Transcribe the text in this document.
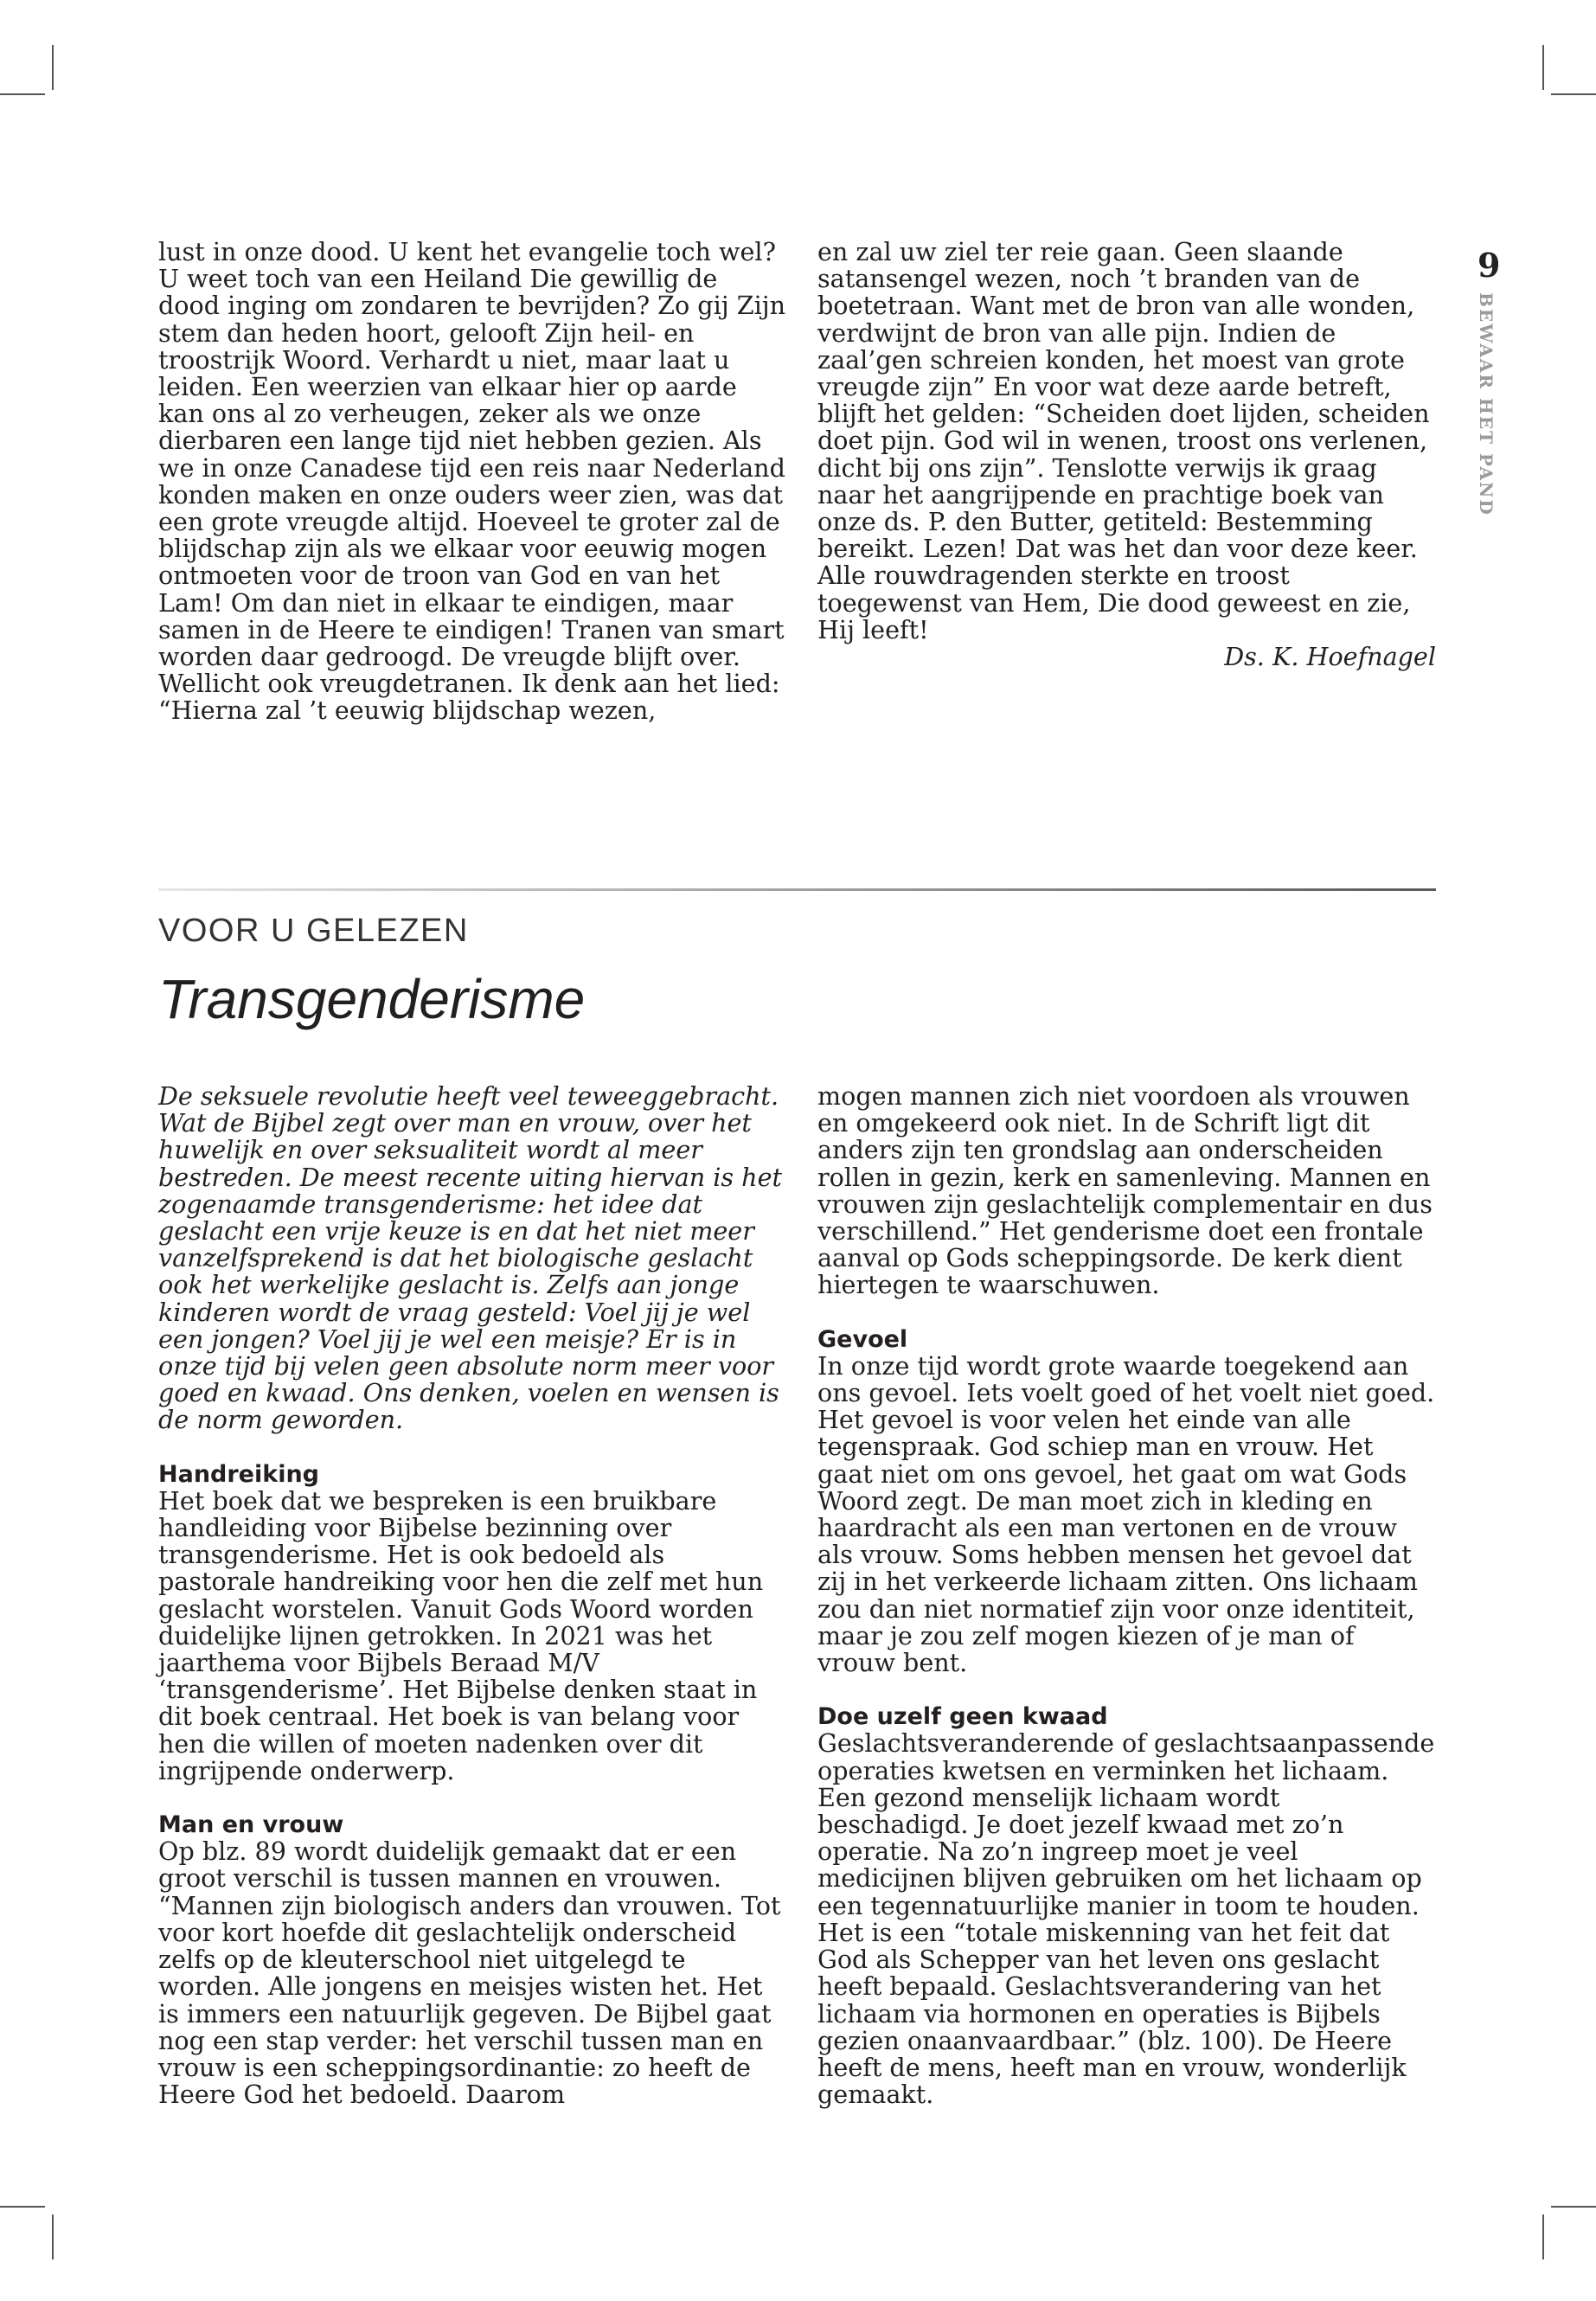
9
BEWAAR HET PAND

lust in onze dood. U kent het evangelie toch wel? U weet toch van een Heiland Die gewillig de dood inging om zondaren te bevrijden? Zo gij Zijn stem dan heden hoort, gelooft Zijn heil- en troostrijk Woord. Verhardt u niet, maar laat u leiden. Een weerzien van elkaar hier op aarde kan ons al zo verheugen, zeker als we onze dierbaren een lange tijd niet hebben gezien. Als we in onze Canadese tijd een reis naar Nederland konden maken en onze ouders weer zien, was dat een grote vreugde altijd. Hoeveel te groter zal de blijdschap zijn als we elkaar voor eeuwig mogen ontmoeten voor de troon van God en van het Lam! Om dan niet in elkaar te eindigen, maar samen in de Heere te eindigen! Tranen van smart worden daar gedroogd. De vreugde blijft over. Wellicht ook vreugdetranen. Ik denk aan het lied: “Hierna zal ’t eeuwig blijdschap wezen,

en zal uw ziel ter reie gaan. Geen slaande satansengel wezen, noch ’t branden van de boetetraan. Want met de bron van alle wonden, verdwijnt de bron van alle pijn. Indien de zaal’gen schreien konden, het moest van grote vreugde zijn” En voor wat deze aarde betreft, blijft het gelden: “Scheiden doet lijden, scheiden doet pijn. God wil in wenen, troost ons verlenen, dicht bij ons zijn”. Tenslotte verwijs ik graag naar het aangrijpende en prachtige boek van onze ds. P. den Butter, getiteld: Bestemming bereikt. Lezen! Dat was het dan voor deze keer. Alle rouwdragenden sterkte en troost toegewenst van Hem, Die dood geweest en zie, Hij leeft!

Ds. K. Hoefnagel

VOOR U GELEZEN
Transgenderisme

De seksuele revolutie heeft veel teweeggebracht. Wat de Bijbel zegt over man en vrouw, over het huwelijk en over seksualiteit wordt al meer bestreden. De meest recente uiting hiervan is het zogenaamde transgenderisme: het idee dat geslacht een vrije keuze is en dat het niet meer vanzelfsprekend is dat het biologische geslacht ook het werkelijke geslacht is. Zelfs aan jonge kinderen wordt de vraag gesteld: Voel jij je wel een jongen? Voel jij je wel een meisje? Er is in onze tijd bij velen geen absolute norm meer voor goed en kwaad. Ons denken, voelen en wensen is de norm geworden.

Handreiking

Het boek dat we bespreken is een bruikbare handleiding voor Bijbelse bezinning over transgenderisme. Het is ook bedoeld als pastorale handreiking voor hen die zelf met hun geslacht worstelen. Vanuit Gods Woord worden duidelijke lijnen getrokken. In 2021 was het jaarthema voor Bijbels Beraad M/V ‘transgenderisme’. Het Bijbelse denken staat in dit boek centraal. Het boek is van belang voor hen die willen of moeten nadenken over dit ingrijpende onderwerp.

Man en vrouw

Op blz. 89 wordt duidelijk gemaakt dat er een groot verschil is tussen mannen en vrouwen. “Mannen zijn biologisch anders dan vrouwen. Tot voor kort hoefde dit geslachtelijk onderscheid zelfs op de kleuterschool niet uitgelegd te worden. Alle jongens en meisjes wisten het. Het is immers een natuurlijk gegeven. De Bijbel gaat nog een stap verder: het verschil tussen man en vrouw is een scheppingsordinantie: zo heeft de Heere God het bedoeld. Daarom

mogen mannen zich niet voordoen als vrouwen en omgekeerd ook niet. In de Schrift ligt dit anders zijn ten grondslag aan onderscheiden rollen in gezin, kerk en samenleving. Mannen en vrouwen zijn geslachtelijk complementair en dus verschillend.” Het genderisme doet een frontale aanval op Gods scheppingsorde. De kerk dient hiertegen te waarschuwen.

Gevoel

In onze tijd wordt grote waarde toegekend aan ons gevoel. Iets voelt goed of het voelt niet goed. Het gevoel is voor velen het einde van alle tegenspraak. God schiep man en vrouw. Het gaat niet om ons gevoel, het gaat om wat Gods Woord zegt. De man moet zich in kleding en haardracht als een man vertonen en de vrouw als vrouw. Soms hebben mensen het gevoel dat zij in het verkeerde lichaam zitten. Ons lichaam zou dan niet normatief zijn voor onze identiteit, maar je zou zelf mogen kiezen of je man of vrouw bent.

Doe uzelf geen kwaad

Geslachtsveranderende of geslachtsaanpassende operaties kwetsen en verminken het lichaam. Een gezond menselijk lichaam wordt beschadigd. Je doet jezelf kwaad met zo’n operatie. Na zo’n ingreep moet je veel medicijnen blijven gebruiken om het lichaam op een tegennatuurlijke manier in toom te houden. Het is een “totale miskenning van het feit dat God als Schepper van het leven ons geslacht heeft bepaald. Geslachtsverandering van het lichaam via hormonen en operaties is Bijbels gezien onaanvaardbaar.” (blz. 100). De Heere heeft de mens, heeft man en vrouw, wonderlijk gemaakt.
